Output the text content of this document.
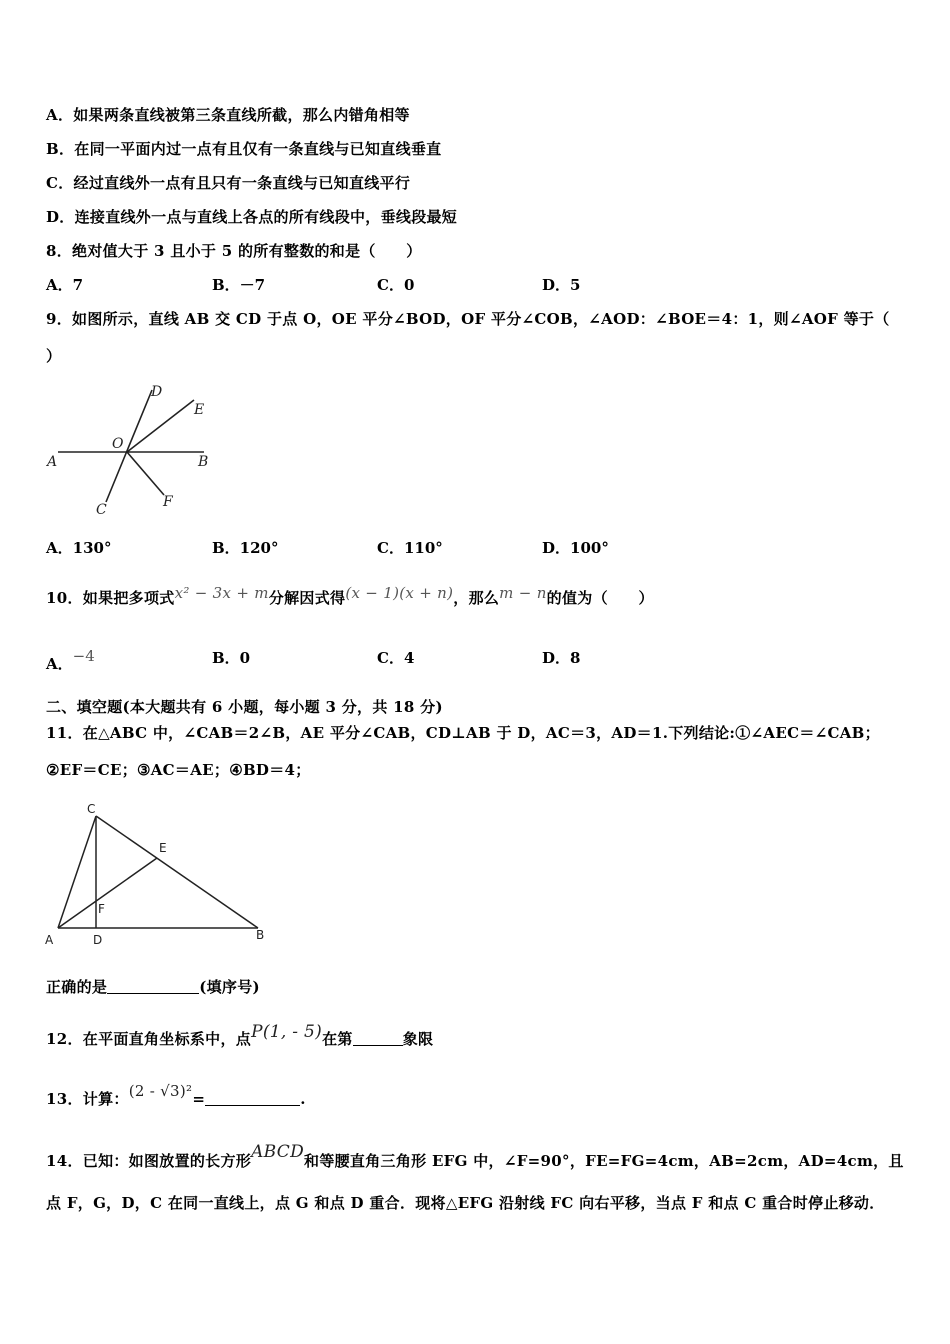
A．如果两条直线被第三条直线所截，那么内错角相等
B．在同一平面内过一点有且仅有一条直线与已知直线垂直
C．经过直线外一点有且只有一条直线与已知直线平行
D．连接直线外一点与直线上各点的所有线段中，垂线段最短
8．绝对值大于 3 且小于 5 的所有整数的和是（　　）
A．7	B．－7	C．0	D．5
9．如图所示，直线 AB 交 CD 于点 O，OE 平分∠BOD，OF 平分∠COB，∠AOD：∠BOE＝4：1，则∠AOF 等于（
）
A	B
C
D
E
F
O
A．130°	B．120°	C．110°	D．100°
10．如果把多项式x² − 3x + m分解因式得(x − 1)(x + n)，那么m − n的值为（　　）
A．−4	B．0	C．4	D．8
二、填空题(本大题共有 6 小题，每小题 3 分，共 18 分)
11．在△ABC 中，∠CAB＝2∠B，AE 平分∠CAB，CD⊥AB 于 D，AC＝3，AD＝1.下列结论:①∠AEC＝∠CAB；
②EF＝CE；③AC＝AE；④BD＝4；
C
E
F
A	D	B
正确的是	(填序号)
12．在平面直角坐标系中，点P(1, - 5)在第	象限
13．计算：(2 - √3)²=	.
14．已知：如图放置的长方形ABCD和等腰直角三角形 EFG 中，∠F=90°，FE=FG=4cm，AB=2cm，AD=4cm，且
点 F，G，D，C 在同一直线上，点 G 和点 D 重合．现将△EFG 沿射线 FC 向右平移，当点 F 和点 C 重合时停止移动．
